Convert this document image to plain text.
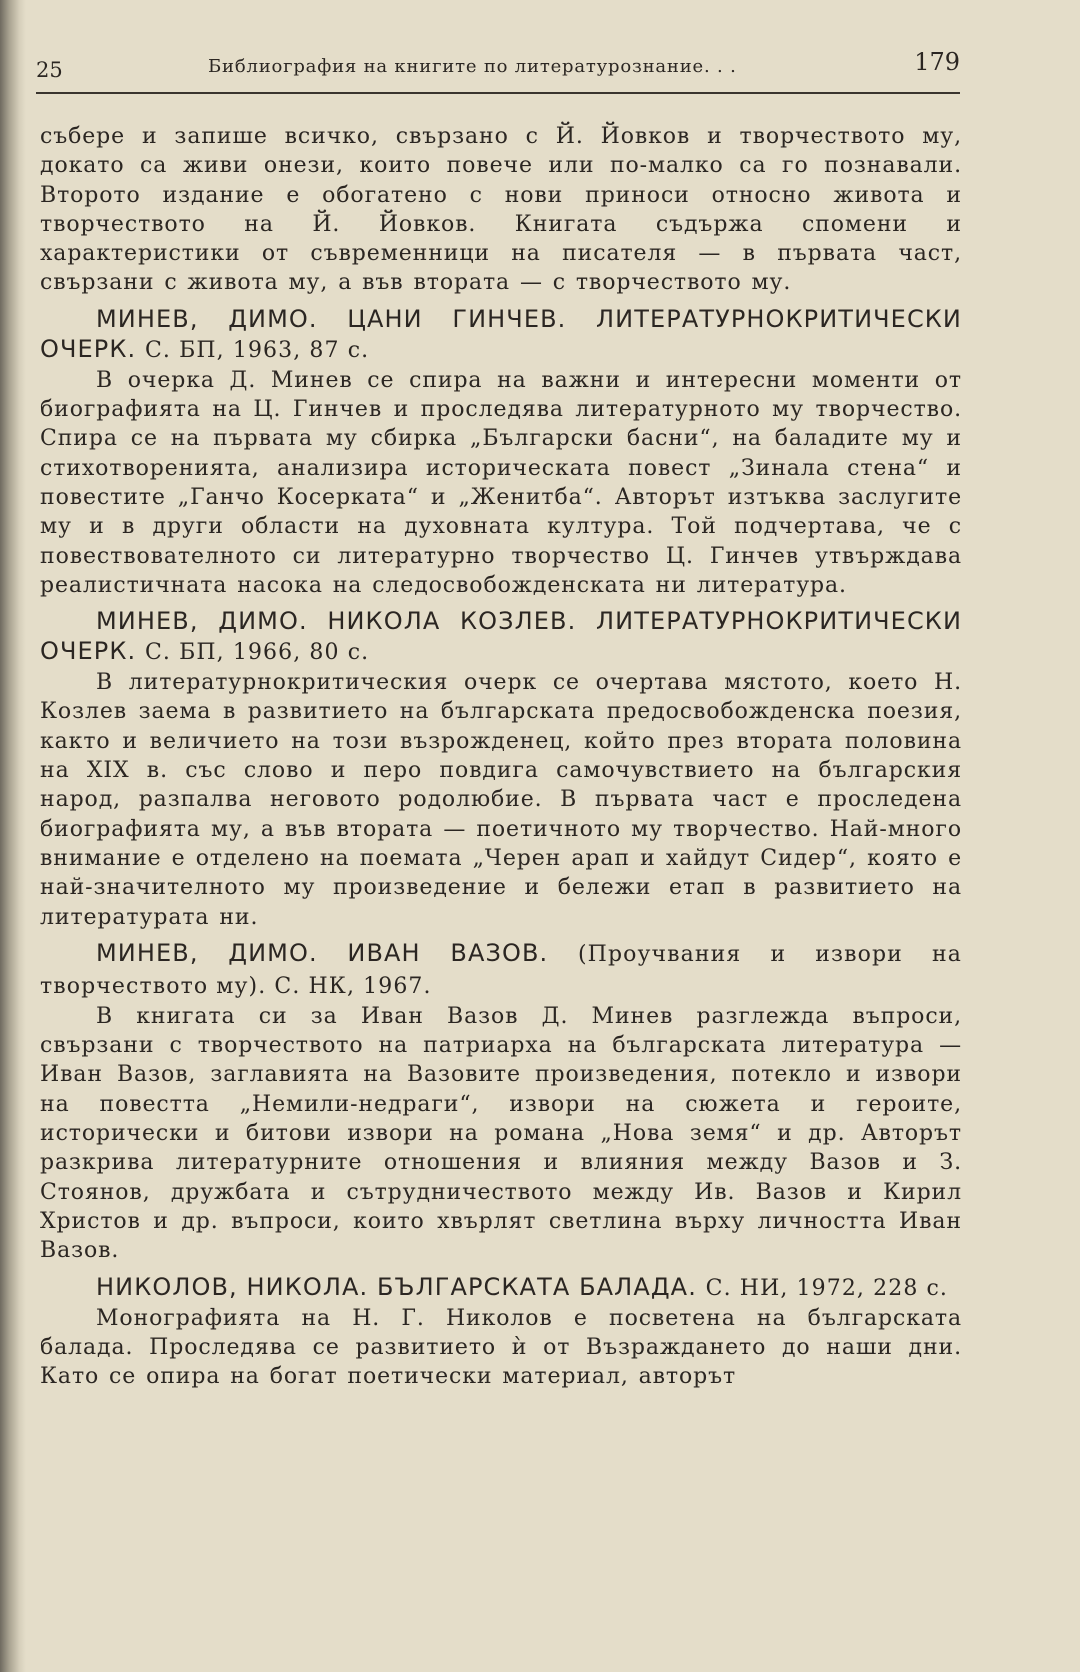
25	Библиография на книгите по литературознание. . .	179

събере и запише всичко, свързано с Й. Йовков и творчеството му, докато са живи онези, които повече или по-малко са го познавали. Второто издание е обогатено с нови приноси относно живота и творчеството на Й. Йовков. Книгата съдържа спомени и характеристики от съвременници на писателя — в първата част, свързани с живота му, а във втората — с творчеството му.

МИНЕВ, ДИМО. ЦАНИ ГИНЧЕВ. ЛИТЕРАТУРНОКРИТИЧЕСКИ ОЧЕРК. С. БП, 1963, 87 с.

В очерка Д. Минев се спира на важни и интересни моменти от биографията на Ц. Гинчев и проследява литературното му творчество. Спира се на първата му сбирка „Български басни“, на баладите му и стихотворенията, анализира историческата повест „Зинала стена“ и повестите „Ганчо Косерката“ и „Женитба“. Авторът изтъква заслугите му и в други области на духовната култура. Той подчертава, че с повествователното си литературно творчество Ц. Гинчев утвърждава реалистичната насока на следосвобожденската ни литература.

МИНЕВ, ДИМО. НИКОЛА КОЗЛЕВ. ЛИТЕРАТУРНОКРИТИЧЕСКИ ОЧЕРК. С. БП, 1966, 80 с.

В литературнокритическия очерк се очертава мястото, което Н. Козлев заема в развитието на българската предосвобожденска поезия, както и величието на този възрожденец, който през втората половина на XIX в. със слово и перо повдига самочувствието на българския народ, разпалва неговото родолюбие. В първата част е проследена биографията му, а във втората — поетичното му творчество. Най-много внимание е отделено на поемата „Черен арап и хайдут Сидер“, която е най-значителното му произведение и бележи етап в развитието на литературата ни.

МИНЕВ, ДИМО. ИВАН ВАЗОВ. (Проучвания и извори на творчеството му). С. НК, 1967.

В книгата си за Иван Вазов Д. Минев разглежда въпроси, свързани с творчеството на патриарха на българската литература — Иван Вазов, заглавията на Вазовите произведения, потекло и извори на повестта „Немили-недраги“, извори на сюжета и героите, исторически и битови извори на романа „Нова земя“ и др. Авторът разкрива литературните отношения и влияния между Вазов и З. Стоянов, дружбата и сътрудничеството между Ив. Вазов и Кирил Христов и др. въпроси, които хвърлят светлина върху личността Иван Вазов.

НИКОЛОВ, НИКОЛА. БЪЛГАРСКАТА БАЛАДА. С. НИ, 1972, 228 с.

Монографията на Н. Г. Николов е посветена на българската балада. Проследява се развитието ѝ от Възраждането до наши дни. Като се опира на богат поетически материал, авторът
